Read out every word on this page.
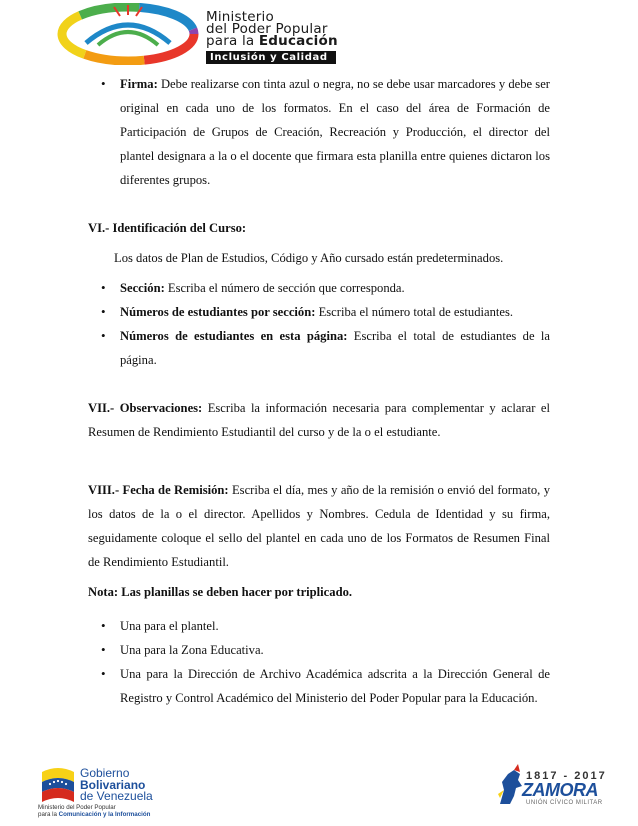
Ministerio
del Poder Popular
para la Educación
Inclusión y Calidad
• Firma: Debe realizarse con tinta azul o negra, no se debe usar marcadores y debe ser original en cada uno de los formatos. En el caso del área de Formación de Participación de Grupos de Creación, Recreación y Producción, el director del plantel designara a la o el docente que firmara esta planilla entre quienes dictaron los diferentes grupos.

VI.- Identificación del Curso:

Los datos de Plan de Estudios, Código y Año cursado están predeterminados.

• Sección: Escriba el número de sección que corresponda.
• Números de estudiantes por sección: Escriba el número total de estudiantes.
• Números de estudiantes en esta página: Escriba el total de estudiantes de la página.

VII.- Observaciones: Escriba la información necesaria para complementar y aclarar el Resumen de Rendimiento Estudiantil del curso y de la o el estudiante.

VIII.- Fecha de Remisión: Escriba el día, mes y año de la remisión o envió del formato, y los datos de la o el director. Apellidos y Nombres. Cedula de Identidad y su firma, seguidamente coloque el sello del plantel en cada uno de los Formatos de Resumen Final de Rendimiento Estudiantil.

Nota: Las planillas se deben hacer por triplicado.

• Una para el plantel.
• Una para la Zona Educativa.
• Una para la Dirección de Archivo Académica adscrita a la Dirección General de Registro y Control Académico del Ministerio del Poder Popular para la Educación.
Gobierno
Bolivariano
de Venezuela
Ministerio del Poder Popular
para la Comunicación y la Información
1817 - 2017
ZAMORA
UNIÓN CÍVICO MILITAR
